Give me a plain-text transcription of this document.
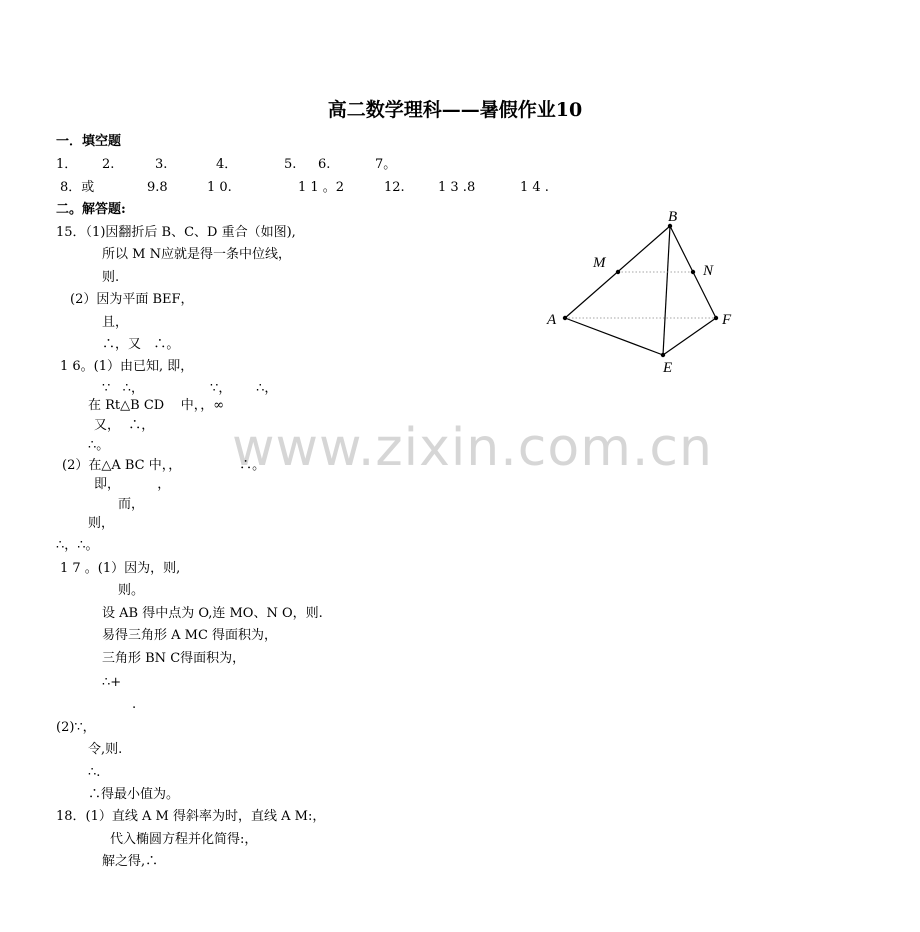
高二数学理科——暑假作业10
www.zixin.com.cn
一．填空题
1． 2.	3.	4．	5. 6.	7。
8．或	9.8	1 0.	1 1 。2	12.	1 3 .8	1 4 .
二。解答题:
15．（1)因翻折后 B、C、D 重合（如图),
所以 M N应就是得一条中位线，
则.
(2）因为平面 BEF，
且，
∴，又   ∴。
1 6。(1）由已知, 即，
∵   ∴，                ∵，      ∴，
在 Rt△B CD    中，，∞
又，  ∴，
∴。
(2）在△A BC 中，，              ∴。
即，         ，
而，
则，
∴，∴。
1 7 。(1）因为，则,
则。
设 AB 得中点为 O,连 MO、N O，则.
易得三角形 A MC 得面积为，
三角形 BN C得面积为，
∴+
.
(2)∵，
令,则.
∴.
∴得最小值为。
18．(1）直线 A M 得斜率为时，直线 A M:，
代入椭圆方程并化简得:，
解之得,∴
B
M	N
A	F
E
